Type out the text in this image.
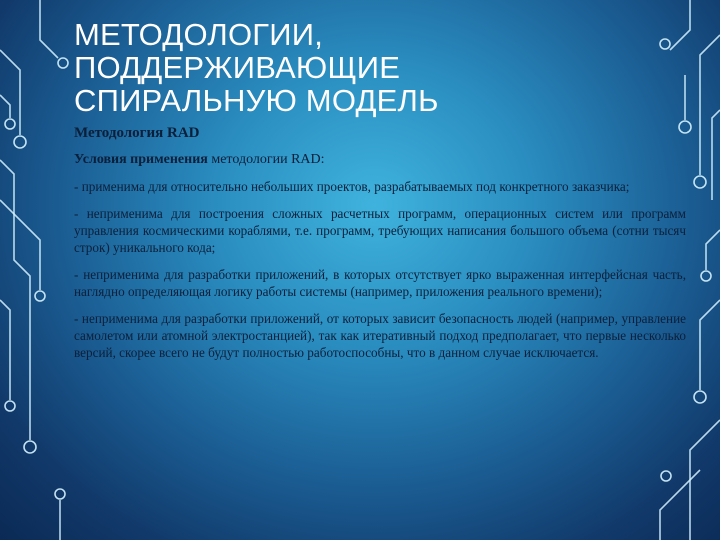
МЕТОДОЛОГИИ,
ПОДДЕРЖИВАЮЩИЕ
СПИРАЛЬНУЮ МОДЕЛЬ

Методология RAD

Условия применения методологии RAD:

- применима для относительно небольших проектов, разрабатываемых под конкретного заказчика;

- неприменима для построения сложных расчетных программ, операционных систем или программ управления космическими кораблями, т.е. программ, требующих написания большого объема (сотни тысяч строк) уникального кода;

- неприменима для разработки приложений, в которых отсутствует ярко выраженная интерфейсная часть, наглядно определяющая логику работы системы (например, приложения реального времени);

- неприменима для разработки приложений, от которых зависит безопасность людей (например, управление самолетом или атомной электростанцией), так как итеративный подход предполагает, что первые несколько версий, скорее всего не будут полностью работоспособны, что в данном случае исключается.
